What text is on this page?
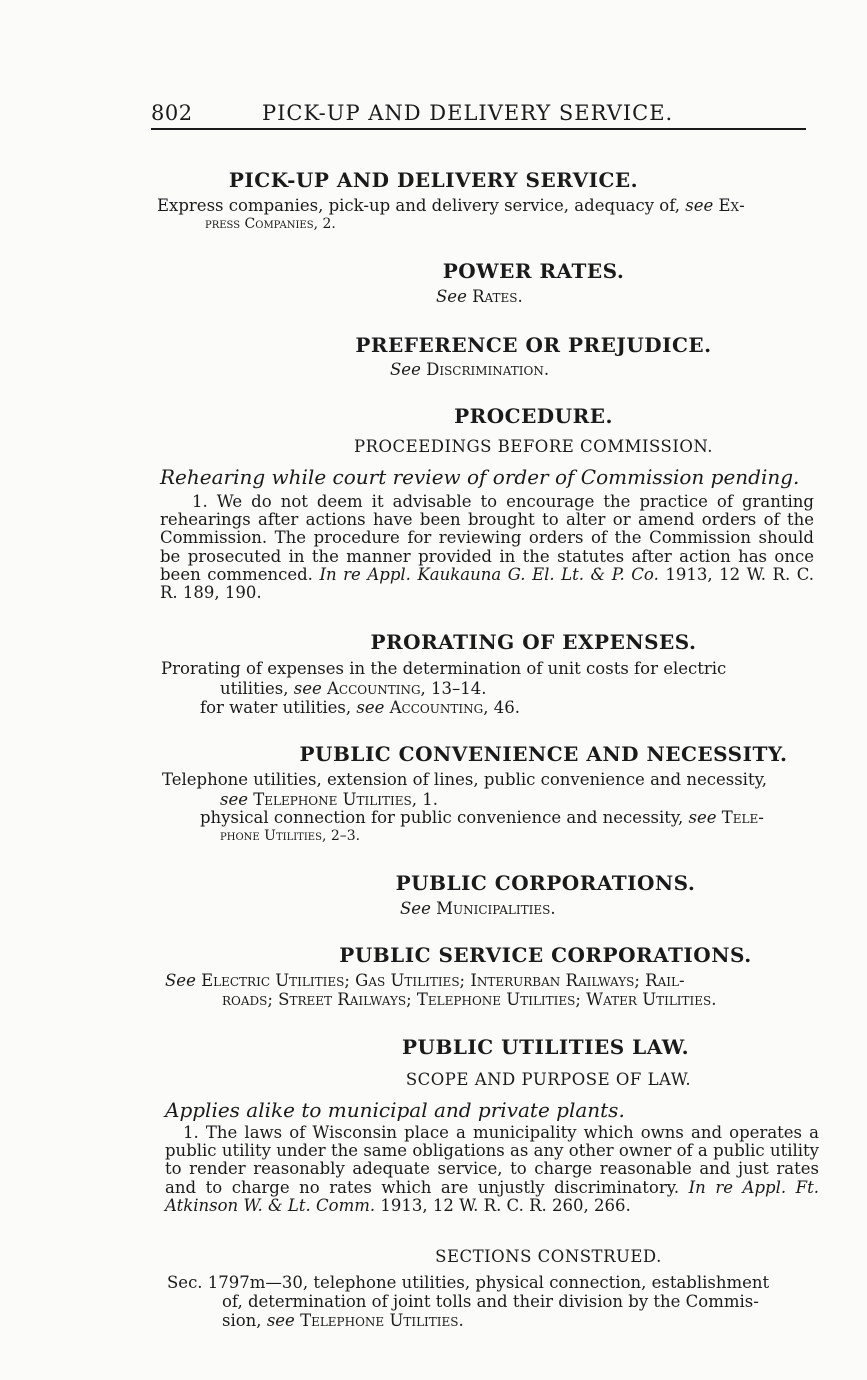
802	PICK-UP AND DELIVERY SERVICE.
PICK-UP AND DELIVERY SERVICE.
Express companies, pick-up and delivery service, adequacy of, see Ex-
press Companies, 2.
POWER RATES.
See Rates.
PREFERENCE OR PREJUDICE.
See Discrimination.
PROCEDURE.
PROCEEDINGS BEFORE COMMISSION.
Rehearing while court review of order of Commission pending.
1. We do not deem it advisable to encourage the practice of granting rehearings after actions have been brought to alter or amend orders of the Commission. The procedure for reviewing orders of the Commission should be prosecuted in the manner provided in the statutes after action has once been commenced. In re Appl. Kaukauna G. El. Lt. & P. Co. 1913, 12 W. R. C. R. 189, 190.
PRORATING OF EXPENSES.
Prorating of expenses in the determination of unit costs for electric
utilities, see Accounting, 13–14.
for water utilities, see Accounting, 46.
PUBLIC CONVENIENCE AND NECESSITY.
Telephone utilities, extension of lines, public convenience and necessity,
see Telephone Utilities, 1.
physical connection for public convenience and necessity, see Tele-
phone Utilities, 2–3.
PUBLIC CORPORATIONS.
See Municipalities.
PUBLIC SERVICE CORPORATIONS.
See Electric Utilities; Gas Utilities; Interurban Railways; Rail-
roads; Street Railways; Telephone Utilities; Water Utilities.
PUBLIC UTILITIES LAW.
SCOPE AND PURPOSE OF LAW.
Applies alike to municipal and private plants.
1. The laws of Wisconsin place a municipality which owns and operates a public utility under the same obligations as any other owner of a public utility to render reasonably adequate service, to charge reasonable and just rates and to charge no rates which are unjustly discriminatory. In re Appl. Ft. Atkinson W. & Lt. Comm. 1913, 12 W. R. C. R. 260, 266.
SECTIONS CONSTRUED.
Sec. 1797m—30, telephone utilities, physical connection, establishment
of, determination of joint tolls and their division by the Commis-
sion, see Telephone Utilities.
